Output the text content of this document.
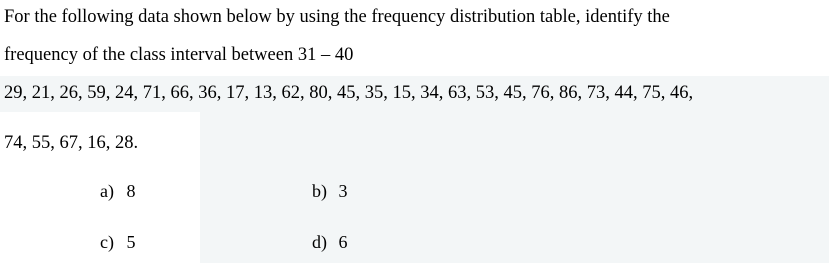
For the following data shown below by using the frequency distribution table, identify the
frequency of the class interval between 31 – 40
29, 21, 26, 59, 24, 71, 66, 36, 17, 13, 62, 80, 45, 35, 15, 34, 63, 53, 45, 76, 86, 73, 44, 75, 46,
74, 55, 67, 16, 28.
a) 8	b) 3
c) 5	d) 6
